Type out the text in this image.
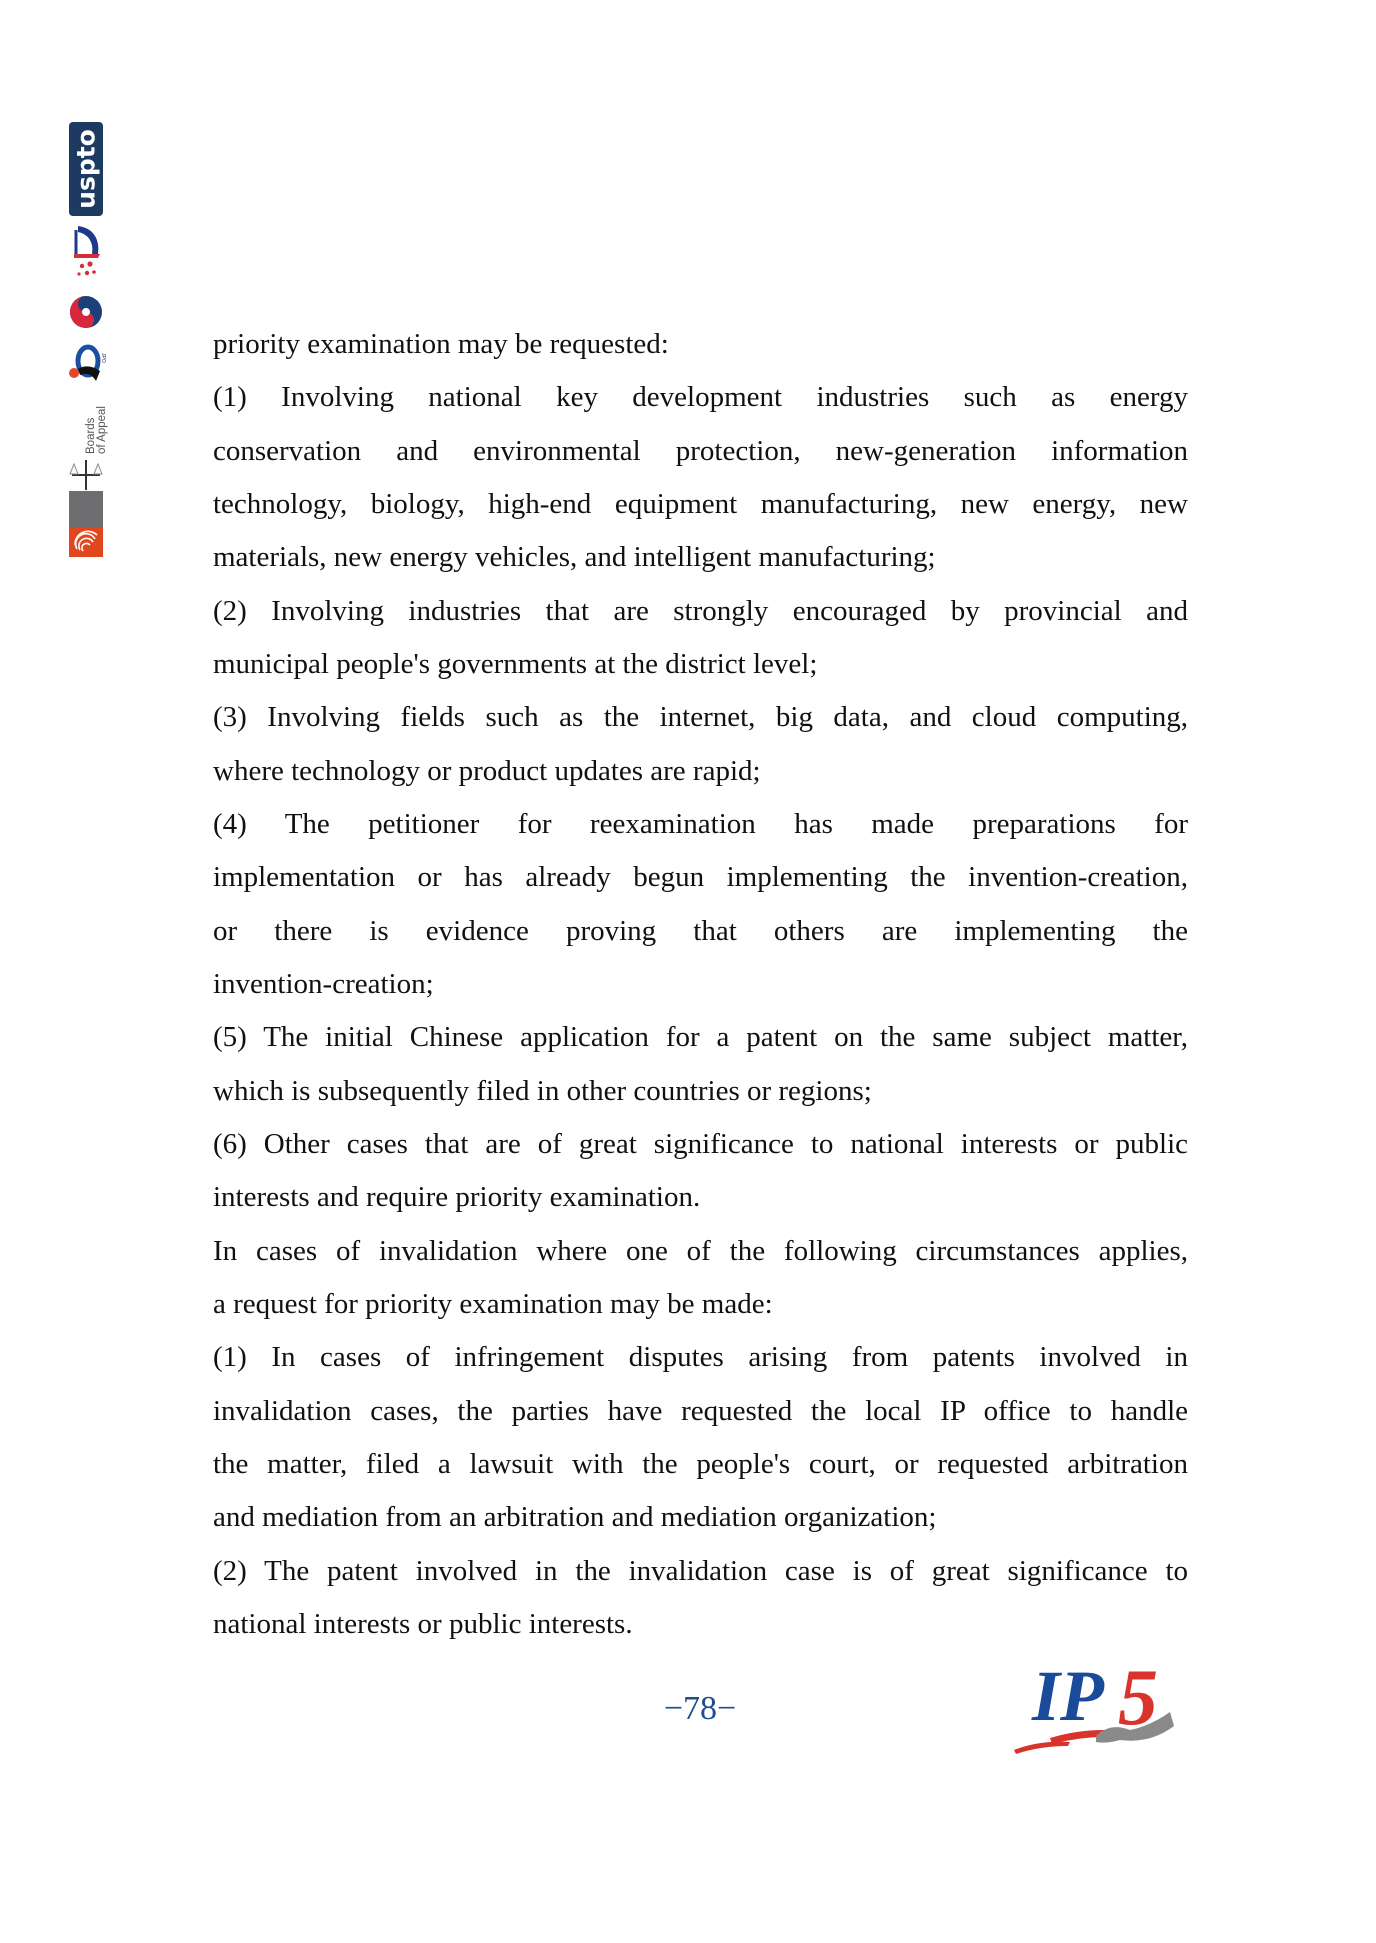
uspto
JPO
Boards of Appeal
priority examination may be requested:
(1) Involving national key development industries such as energy
conservation and environmental protection, new-generation information
technology, biology, high-end equipment manufacturing, new energy, new
materials, new energy vehicles, and intelligent manufacturing;
(2) Involving industries that are strongly encouraged by provincial and
municipal people's governments at the district level;
(3) Involving fields such as the internet, big data, and cloud computing,
where technology or product updates are rapid;
(4) The petitioner for reexamination has made preparations for
implementation or has already begun implementing the invention-creation,
or there is evidence proving that others are implementing the
invention-creation;
(5) The initial Chinese application for a patent on the same subject matter,
which is subsequently filed in other countries or regions;
(6) Other cases that are of great significance to national interests or public
interests and require priority examination.
In cases of invalidation where one of the following circumstances applies,
a request for priority examination may be made:
(1) In cases of infringement disputes arising from patents involved in
invalidation cases, the parties have requested the local IP office to handle
the matter, filed a lawsuit with the people's court, or requested arbitration
and mediation from an arbitration and mediation organization;
(2) The patent involved in the invalidation case is of great significance to
national interests or public interests.
−78−	IP 5
